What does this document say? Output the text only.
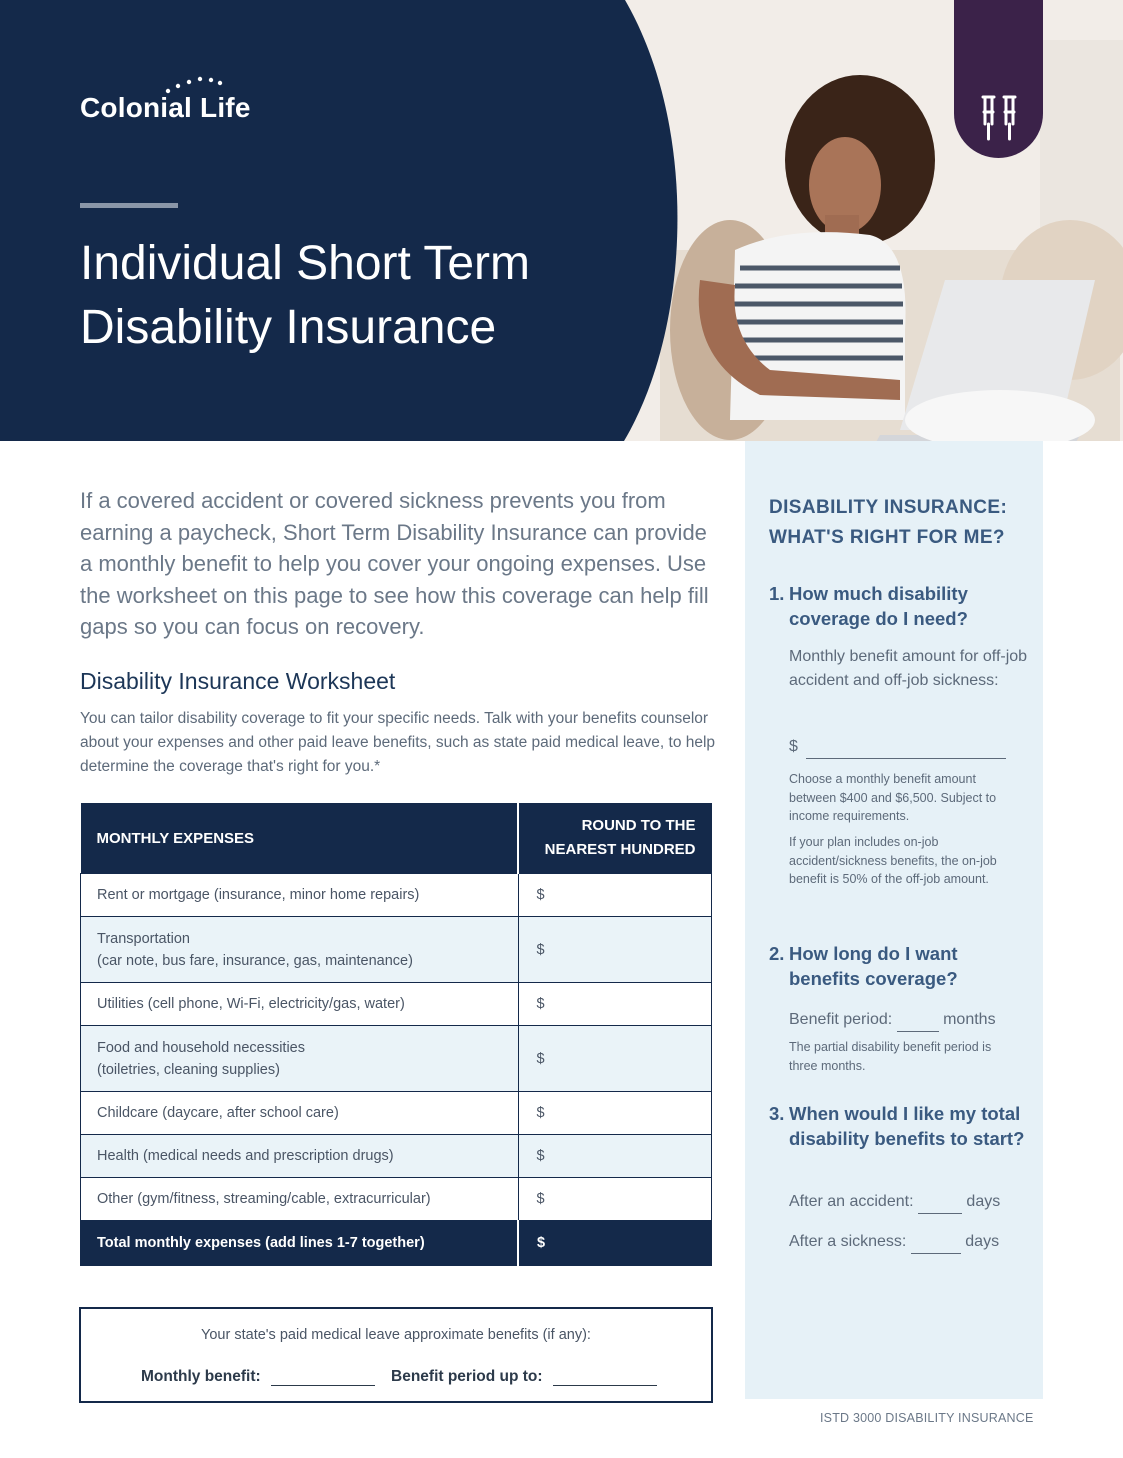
Colonial Life
Individual Short Term
Disability Insurance
If a covered accident or covered sickness prevents you from earning a paycheck, Short Term Disability Insurance can provide a monthly benefit to help you cover your ongoing expenses. Use the worksheet on this page to see how this coverage can help fill gaps so you can focus on recovery.
Disability Insurance Worksheet
You can tailor disability coverage to fit your specific needs. Talk with your benefits counselor about your expenses and other paid leave benefits, such as state paid medical leave, to help determine the coverage that's right for you.*
MONTHLY EXPENSES	ROUND TO THE
NEAREST HUNDRED

Rent or mortgage (insurance, minor home repairs)	$

Transportation
(car note, bus fare, insurance, gas, maintenance)	$

Utilities (cell phone, Wi-Fi, electricity/gas, water)	$

Food and household necessities
(toiletries, cleaning supplies)	$

Childcare (daycare, after school care)	$

Health (medical needs and prescription drugs)	$

Other (gym/fitness, streaming/cable, extracurricular)	$
Total monthly expenses (add lines 1-7 together)	$
Your state's paid medical leave approximate benefits (if any):
Monthly benefit:	Benefit period up to:
DISABILITY INSURANCE:
WHAT'S RIGHT FOR ME?
1. How much disability coverage do I need?
Monthly benefit amount for off-job accident and off-job sickness:
$
Choose a monthly benefit amount between $400 and $6,500. Subject to income requirements.
If your plan includes on-job accident/sickness benefits, the on-job benefit is 50% of the off-job amount.
2. How long do I want benefits coverage?
Benefit period:	months
The partial disability benefit period is three months.
3. When would I like my total disability benefits to start?
After an accident:	days
After a sickness:	days
ISTD 3000 DISABILITY INSURANCE
